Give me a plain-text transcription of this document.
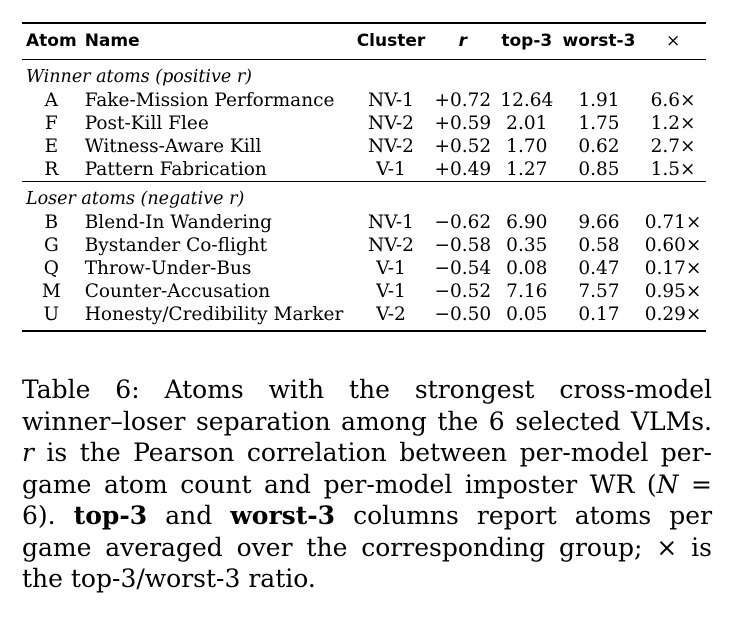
Atom	Name	Cluster	r	top-3	worst-3	×
Winner atoms (positive r)						
A	Fake-Mission Performance	NV-1	+0.72	12.64	1.91	6.6×
F	Post-Kill Flee	NV-2	+0.59	2.01	1.75	1.2×
E	Witness-Aware Kill	NV-2	+0.52	1.70	0.62	2.7×
R	Pattern Fabrication	V-1	+0.49	1.27	0.85	1.5×
Loser atoms (negative r)						
B	Blend-In Wandering	NV-1	−0.62	6.90	9.66	0.71×
G	Bystander Co-flight	NV-2	−0.58	0.35	0.58	0.60×
Q	Throw-Under-Bus	V-1	−0.54	0.08	0.47	0.17×
M	Counter-Accusation	V-1	−0.52	7.16	7.57	0.95×
U	Honesty/Credibility Marker	V-2	−0.50	0.05	0.17	0.29×
Table 6: Atoms with the strongest cross-model winner–loser separation among the 6 selected VLMs. r is the Pearson correlation between per-model per-game atom count and per-model imposter WR (N = 6). top-3 and worst-3 columns report atoms per game averaged over the corresponding group; × is the top-3/worst-3 ratio.
